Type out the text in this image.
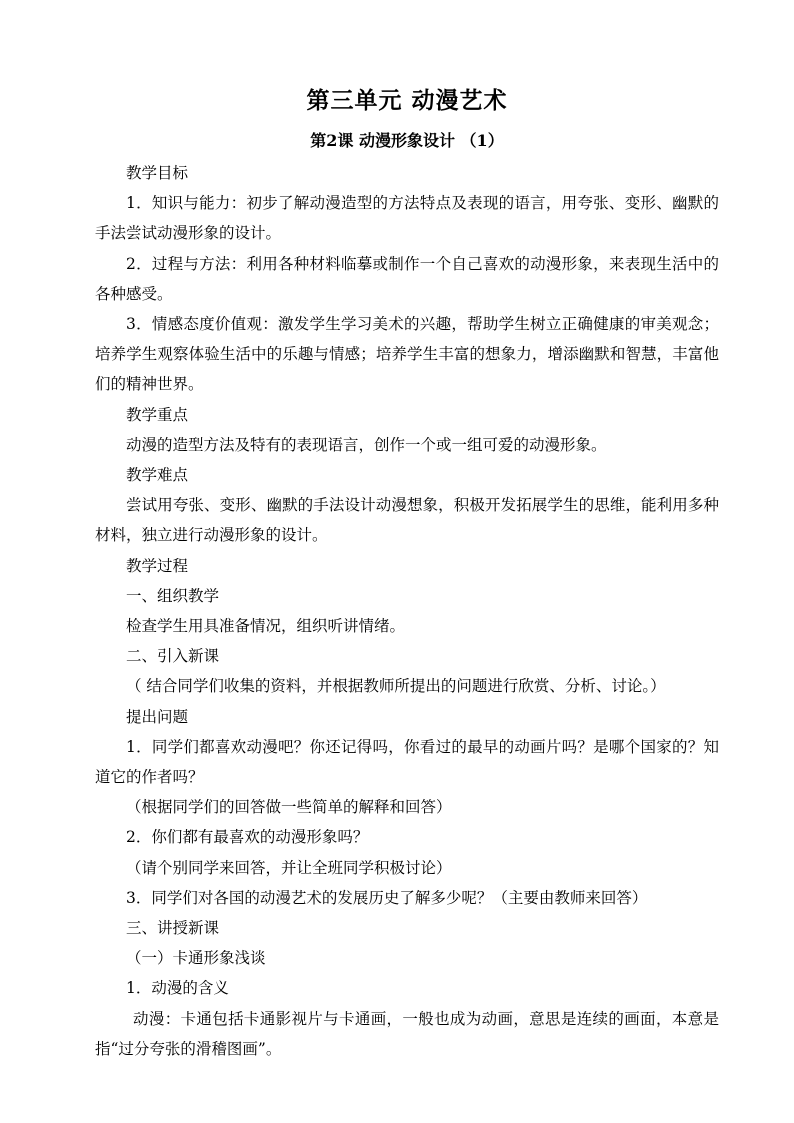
第三单元 动漫艺术
第2课 动漫形象设计 （1）

教学目标

1．知识与能力：初步了解动漫造型的方法特点及表现的语言，用夸张、变形、幽默的手法尝试动漫形象的设计。

2．过程与方法：利用各种材料临摹或制作一个自己喜欢的动漫形象，来表现生活中的各种感受。

3．情感态度价值观：激发学生学习美术的兴趣，帮助学生树立正确健康的审美观念；培养学生观察体验生活中的乐趣与情感；培养学生丰富的想象力，增添幽默和智慧，丰富他们的精神世界。

教学重点

动漫的造型方法及特有的表现语言，创作一个或一组可爱的动漫形象。

教学难点

尝试用夸张、变形、幽默的手法设计动漫想象，积极开发拓展学生的思维，能利用多种材料，独立进行动漫形象的设计。

教学过程

一、组织教学

检查学生用具准备情况，组织听讲情绪。

二、引入新课

（ 结合同学们收集的资料，并根据教师所提出的问题进行欣赏、分析、讨论。）

提出问题

1．同学们都喜欢动漫吧？你还记得吗，你看过的最早的动画片吗？是哪个国家的？知道它的作者吗？

（根据同学们的回答做一些简单的解释和回答）

2．你们都有最喜欢的动漫形象吗？

（请个别同学来回答，并让全班同学积极讨论）

3．同学们对各国的动漫艺术的发展历史了解多少呢？（主要由教师来回答）

三、讲授新课

（一）卡通形象浅谈

1．动漫的含义

动漫：卡通包括卡通影视片与卡通画，一般也成为动画，意思是连续的画面，本意是指“过分夸张的滑稽图画”。
